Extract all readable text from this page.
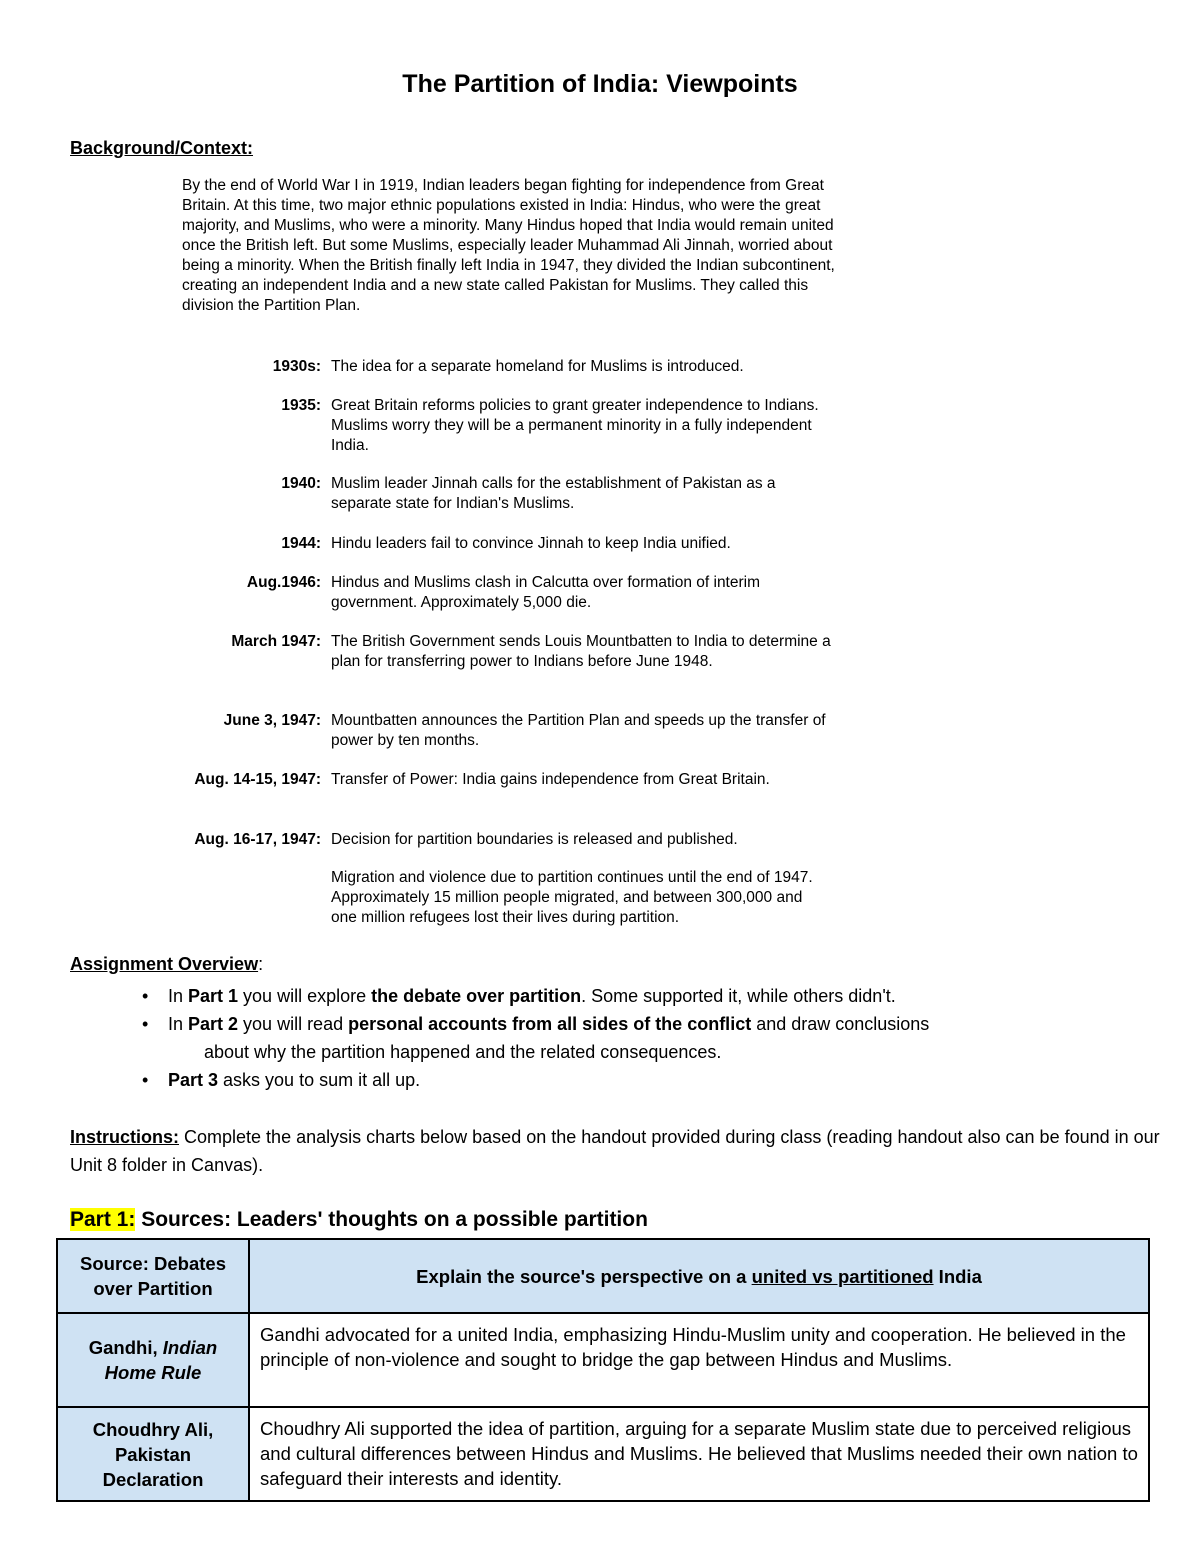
The Partition of India: Viewpoints
Background/Context:
By the end of World War I in 1919, Indian leaders began fighting for independence from Great Britain. At this time, two major ethnic populations existed in India: Hindus, who were the great majority, and Muslims, who were a minority. Many Hindus hoped that India would remain united once the British left. But some Muslims, especially leader Muhammad Ali Jinnah, worried about being a minority. When the British finally left India in 1947, they divided the Indian subcontinent, creating an independent India and a new state called Pakistan for Muslims. They called this division the Partition Plan.
1930s: The idea for a separate homeland for Muslims is introduced.
1935: Great Britain reforms policies to grant greater independence to Indians. Muslims worry they will be a permanent minority in a fully independent India.
1940: Muslim leader Jinnah calls for the establishment of Pakistan as a separate state for Indian's Muslims.
1944: Hindu leaders fail to convince Jinnah to keep India unified.
Aug.1946: Hindus and Muslims clash in Calcutta over formation of interim government. Approximately 5,000 die.
March 1947: The British Government sends Louis Mountbatten to India to determine a plan for transferring power to Indians before June 1948.
June 3, 1947: Mountbatten announces the Partition Plan and speeds up the transfer of power by ten months.
Aug. 14-15, 1947: Transfer of Power: India gains independence from Great Britain.
Aug. 16-17, 1947: Decision for partition boundaries is released and published.
Migration and violence due to partition continues until the end of 1947. Approximately 15 million people migrated, and between 300,000 and one million refugees lost their lives during partition.
Assignment Overview:
• In Part 1 you will explore the debate over partition. Some supported it, while others didn't.
• In Part 2 you will read personal accounts from all sides of the conflict and draw conclusions
about why the partition happened and the related consequences.
• Part 3 asks you to sum it all up.
Instructions: Complete the analysis charts below based on the handout provided during class (reading handout also can be found in our Unit 8 folder in Canvas).
Part 1: Sources: Leaders' thoughts on a possible partition
Source: Debates over Partition	Explain the source's perspective on a united vs partitioned India
Gandhi, Indian Home Rule	Gandhi advocated for a united India, emphasizing Hindu-Muslim unity and cooperation. He believed in the principle of non-violence and sought to bridge the gap between Hindus and Muslims.
Choudhry Ali, Pakistan Declaration	Choudhry Ali supported the idea of partition, arguing for a separate Muslim state due to perceived religious and cultural differences between Hindus and Muslims. He believed that Muslims needed their own nation to safeguard their interests and identity.
